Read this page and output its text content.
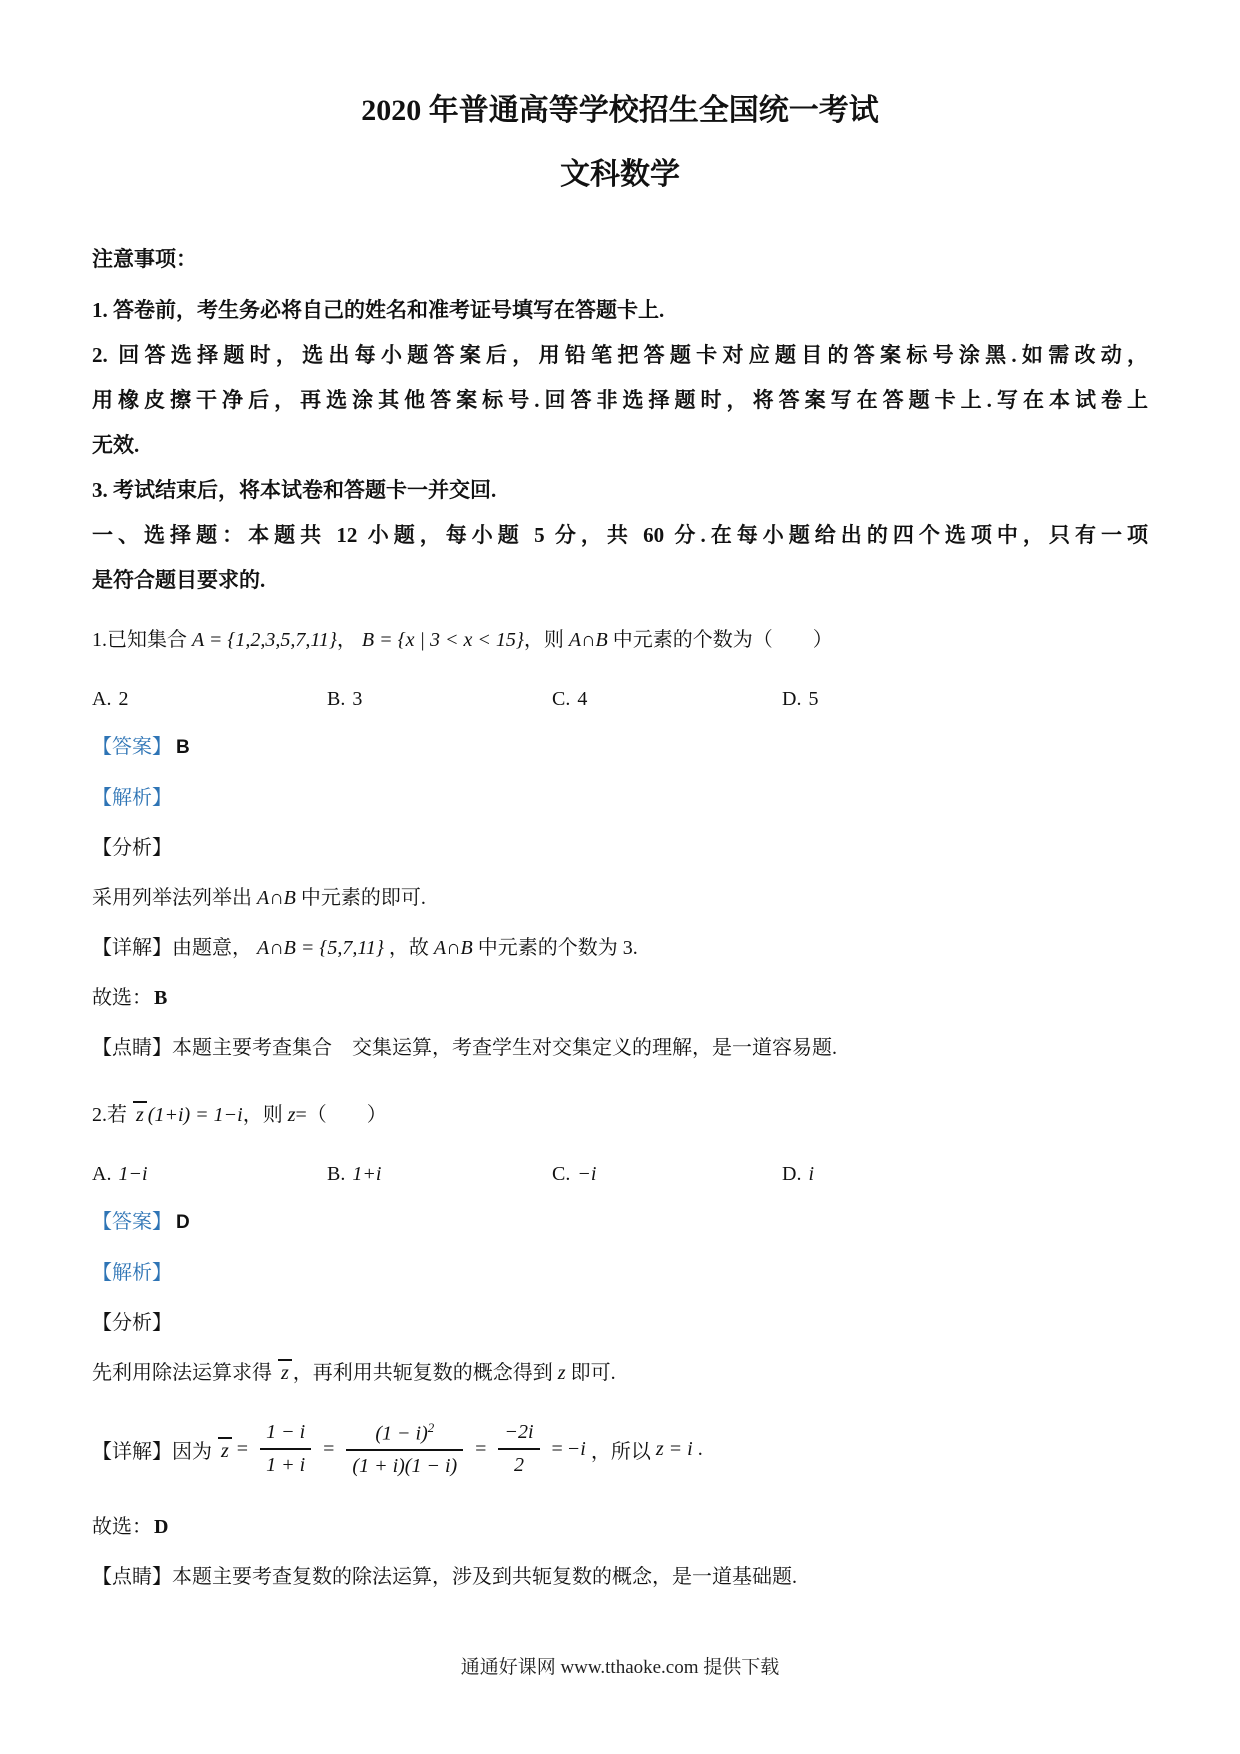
2020 年普通高等学校招生全国统一考试
文科数学
注意事项：
1. 答卷前，考生务必将自己的姓名和准考证号填写在答题卡上.
2. 回答选择题时，选出每小题答案后，用铅笔把答题卡对应题目的答案标号涂黑.如需改动，
用橡皮擦干净后，再选涂其他答案标号.回答非选择题时，将答案写在答题卡上.写在本试卷上
无效.
3. 考试结束后，将本试卷和答题卡一并交回.
一、选择题：本题共 12 小题，每小题 5 分，共 60 分.在每小题给出的四个选项中，只有一项
是符合题目要求的.
1.已知集合 A = {1,2,3,5,7,11}， B = {x | 3 < x < 15}，则 A∩B 中元素的个数为（　　）
A. 2	B. 3	C. 4	D. 5
【答案】 B
【解析】
【分析】
采用列举法列举出 A∩B 中元素的即可.
【详解】由题意， A∩B = {5,7,11} ，故 A∩B 中元素的个数为 3.
故选： B
【点睛】本题主要考查集合　交集运算，考查学生对交集定义的理解，是一道容易题.
2.若 z (1+i) = 1−i，则 z=（　　）
A. 1−i	B. 1+i	C. −i	D. i
【答案】 D
【解析】
【分析】
先利用除法运算求得 z ，再利用共轭复数的概念得到 z 即可.
【详解】 因为 $z = \frac{1 - i}{1 + i} = \frac{(1 - i)^2}{(1 + i)(1 - i)} = \frac{-2i}{2} = -i$ ，所以 z = i .
故选： D
【点睛】本题主要考查复数的除法运算，涉及到共轭复数的概念，是一道基础题.
通通好课网 www.tthaoke.com 提供下载
